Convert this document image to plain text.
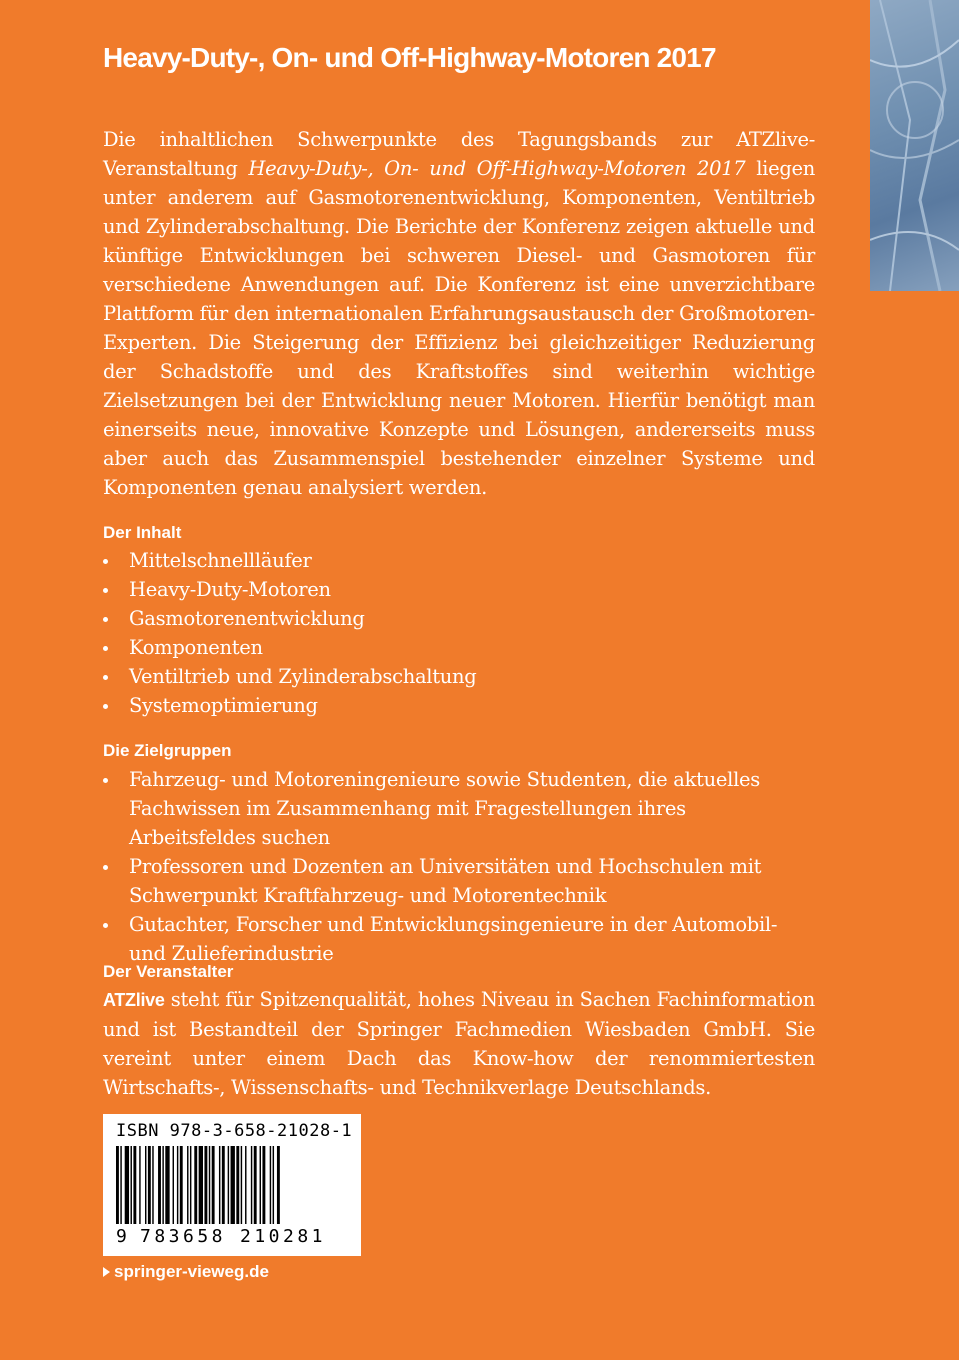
Heavy-Duty-, On- und Off-Highway-Motoren 2017

Die inhaltlichen Schwerpunkte des Tagungsbands zur ATZlive-Veranstaltung Heavy-Duty-, On- und Off-Highway-Motoren 2017 liegen unter anderem auf Gasmotorenentwicklung, Komponenten, Ventiltrieb und Zylinderabschaltung. Die Berichte der Konferenz zeigen aktuelle und künftige Entwicklungen bei schweren Diesel- und Gasmotoren für verschiedene Anwendungen auf. Die Konferenz ist eine unverzichtbare Plattform für den internationalen Erfahrungsaustausch der Großmotoren-Experten. Die Steigerung der Effizienz bei gleichzeitiger Reduzierung der Schadstoffe und des Kraftstoffes sind weiterhin wichtige Zielsetzungen bei der Entwicklung neuer Motoren. Hierfür benötigt man einerseits neue, innovative Konzepte und Lösungen, andererseits muss aber auch das Zusammenspiel bestehender einzelner Systeme und Komponenten genau analysiert werden.

Der Inhalt
Mittelschnellläufer
Heavy-Duty-Motoren
Gasmotorenentwicklung
Komponenten
Ventiltrieb und Zylinderabschaltung
Systemoptimierung
Die Zielgruppen
Fahrzeug- und Motoreningenieure sowie Studenten, die aktuelles Fachwissen im Zusammenhang mit Fragestellungen ihres Arbeitsfeldes suchen
Professoren und Dozenten an Universitäten und Hochschulen mit Schwerpunkt Kraftfahrzeug- und Motorentechnik
Gutachter, Forscher und Entwicklungsingenieure in der Automobil- und Zulieferindustrie
Der Veranstalter

ATZlive steht für Spitzenqualität, hohes Niveau in Sachen Fachinformation und ist Bestandteil der Springer Fachmedien Wiesbaden GmbH. Sie vereint unter einem Dach das Know-how der renommiertesten Wirtschafts-, Wissenschafts- und Technikverlage Deutschlands.

ISBN 978-3-658-21028-1
9 783658 210281
springer-vieweg.de
